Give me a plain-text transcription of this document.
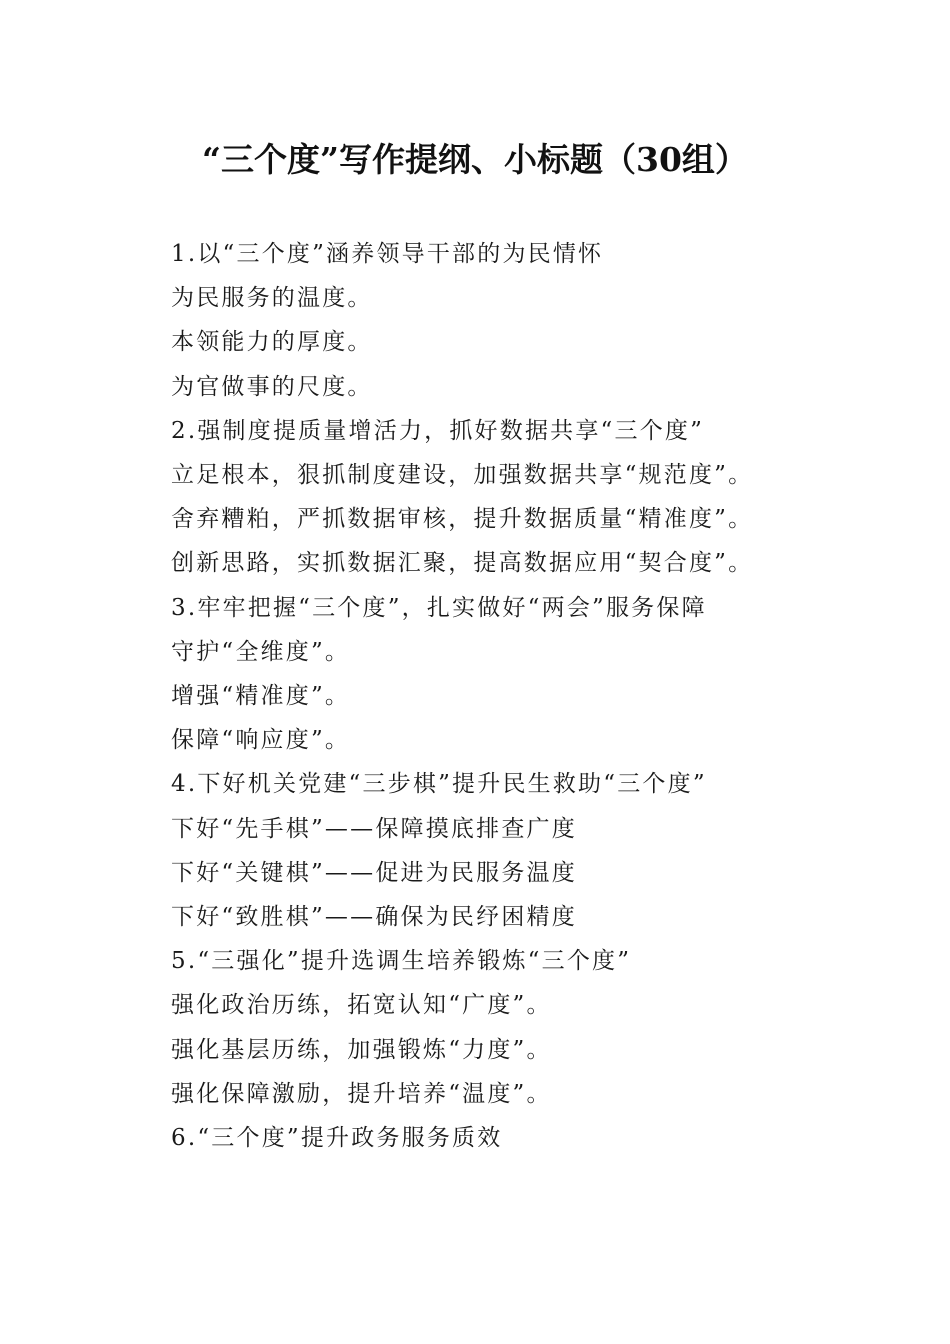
“三个度”写作提纲、小标题（30组）
1.以“三个度”涵养领导干部的为民情怀
为民服务的温度。
本领能力的厚度。
为官做事的尺度。
2.强制度提质量增活力，抓好数据共享“三个度”
立足根本，狠抓制度建设，加强数据共享“规范度”。
舍弃糟粕，严抓数据审核，提升数据质量“精准度”。
创新思路，实抓数据汇聚，提高数据应用“契合度”。
3.牢牢把握“三个度”，扎实做好“两会”服务保障
守护“全维度”。
增强“精准度”。
保障“响应度”。
4.下好机关党建“三步棋”提升民生救助“三个度”
下好“先手棋”——保障摸底排查广度
下好“关键棋”——促进为民服务温度
下好“致胜棋”——确保为民纾困精度
5.“三强化”提升选调生培养锻炼“三个度”
强化政治历练，拓宽认知“广度”。
强化基层历练，加强锻炼“力度”。
强化保障激励，提升培养“温度”。
6.“三个度”提升政务服务质效
